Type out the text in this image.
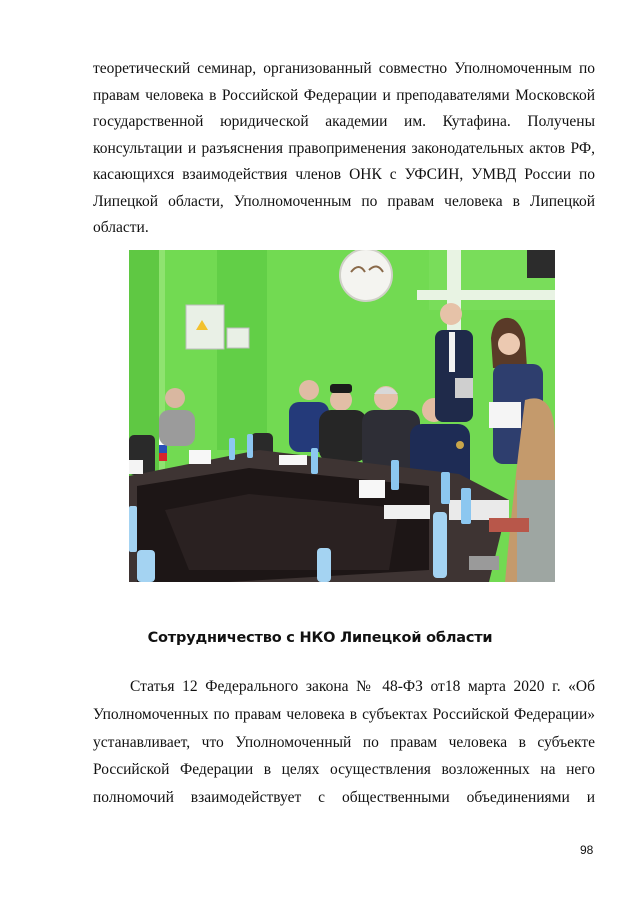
теоретический семинар, организованный совместно Уполномоченным по
правам человека в Российской Федерации и преподавателями Московской
государственной юридической академии им. Кутафина. Получены
консультации и разъяснения правоприменения законодательных актов РФ,
касающихся взаимодействия членов ОНК с УФСИН, УМВД России по
Липецкой области, Уполномоченным по правам человека в Липецкой
области.
Сотрудничество с НКО Липецкой области
Статья 12 Федерального закона № 48-ФЗ от18 марта 2020 г. «Об
Уполномоченных по правам человека в субъектах Российской Федерации»
устанавливает, что Уполномоченный по правам человека в субъекте
Российской Федерации в целях осуществления возложенных на него
полномочий взаимодействует с общественными объединениями и
98
